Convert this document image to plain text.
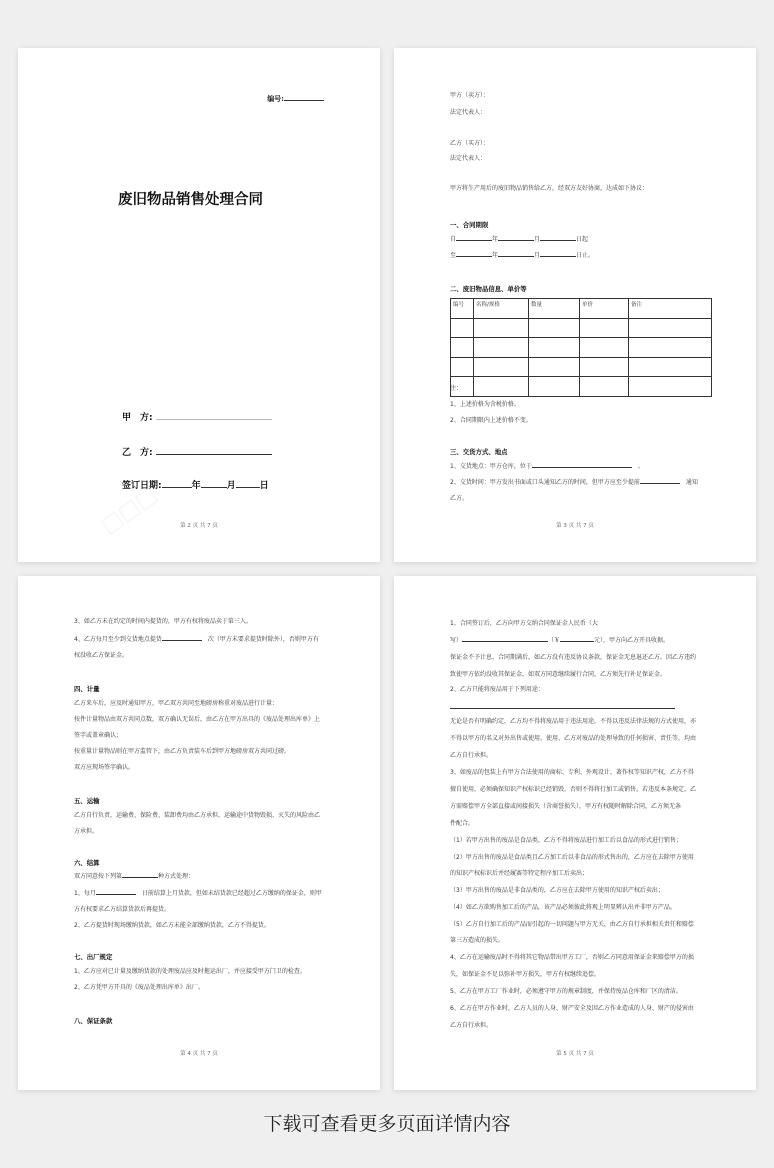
编号:
废旧物品销售处理合同
甲　方:
乙　方:
签订日期:	年	月	日
第 2 页 共 7 页
甲方（卖方）：
法定代表人：
乙方（买方）：
法定代表人：
甲方将生产用后的废旧物品销售给乙方，经双方友好协商，达成如下协议：
一、合同期限
自	年	月	日起
至	年	月	日止。
二、废旧物品信息、单价等
编号	名称/规格	数量	单价	备注

注：
1、上述价格为含税价格。
2、合同期限内上述价格不变。
三、交货方式、地点
1、交货地点：甲方仓库，位于	　。
2、交货时间：甲方发出书面或口头通知乙方的时间，但甲方应至少提前　	通知
乙方。
第 3 页 共 7 页
3、如乙方未在约定的时间内提货的，甲方有权将废品卖于第三人。
4、乙方每月至少到交货地点提货　	次（甲方未要求提货时除外），否则甲方有
权没收乙方保证金。
四、计量
乙方来车后，应及时通知甲方，甲乙双方共同至地磅房称重对废品进行计量：
按件计量物品由双方共同点数，双方确认无误后，由乙方在甲方出具的《废品处理出库单》上
签字或盖章确认；
按重量计量物品则在甲方监管下，由乙方负责装车后到甲方地磅房双方共同过磅。
双方应现场签字确认。
五、运输
乙方自行负责，运输费、保险费、装卸费均由乙方承担，运输途中货物毁损、灭失的风险由乙
方承担。
六、结算
双方同意按下列第	种方式处理：
1、每月　	日前结算上月货款，但如未结货款已经超过乙方缴纳的保证金，则甲
方有权要求乙方结算货款后再提货。
2、乙方提货时现场缴纳货款，如乙方未能全部缴纳货款，乙方不得提货。
七、出厂规定
1、乙方应对已计量及缴纳货款的处理废品应及时拖运出厂，并应接受甲方门卫的检查。
2、乙方凭甲方开具的《废品处理出库单》出厂。
八、保证条款
第 4 页 共 7 页
1、合同签订后，乙方向甲方交纳合同保证金人民币（大
写）	（￥	元），甲方向乙方开具收据。
保证金不予计息，合同期满后，如乙方没有违反协议条款，保证金无息退还乙方。因乙方违约
致使甲方依约没收其保证金，如双方同意继续履行合同，乙方须先行补足保证金。
2、乙方只能将废品用于下列用途：
无论是否有明确约定，乙方均不得将废品用于违法用途，不得以违反法律法规的方式使用，亦
不得以甲方的名义对外出售或使用。使用、乙方对废品的处理导致的任何损害、责任等，均由
乙方自行承担。
3、如废品的包装上有甲方合法使用的商标、专利、外观设计、著作权等知识产权，乙方不得
擅自使用，必须确保知识产权标识已经销毁，否则不得将行加工或销售。若违反本条规定，乙
方需赔偿甲方全部直接或间接损失（含商誉损失），甲方有权随时解除合同，乙方须无条
件配合。
（1）若甲方出售的废品是食品类，乙方不得将废品进行加工后以食品的形式进行销售；
（2）甲方出售的废品是食品类且乙方加工后以非食品的形式售出的，乙方应在去除甲方使用
的知识产权标识后并经履赛等特定程序加工后卖出；
（3）甲方出售的废品是非食品类的，乙方应在去除甲方使用的知识产权后卖出；
（4）如乙方欲购售加工后的产品，该产品必须彼此将观上明显辨认出并非甲方产品。
（5）乙方自行加工后的产品而引起的一切问题与甲方无关，由乙方自行承担相关责任和赔偿
第三方造成的损失。
4、乙方在运输废品时不得将其它物品带出甲方工厂，否则乙方同意用保证金来赔偿甲方的损
失，如保证金不足以弥补甲方损失，甲方有权继续追偿。
5、乙方在甲方工厂作业时，必须遵守甲方的规章制度，并保持废品仓库和厂区的清洁。
6、乙方在甲方作业时，乙方人员的人身、财产安全及因乙方作业造成的人身、财产的侵害由
乙方自行承担。
第 5 页 共 7 页
下载可查看更多页面详情内容
